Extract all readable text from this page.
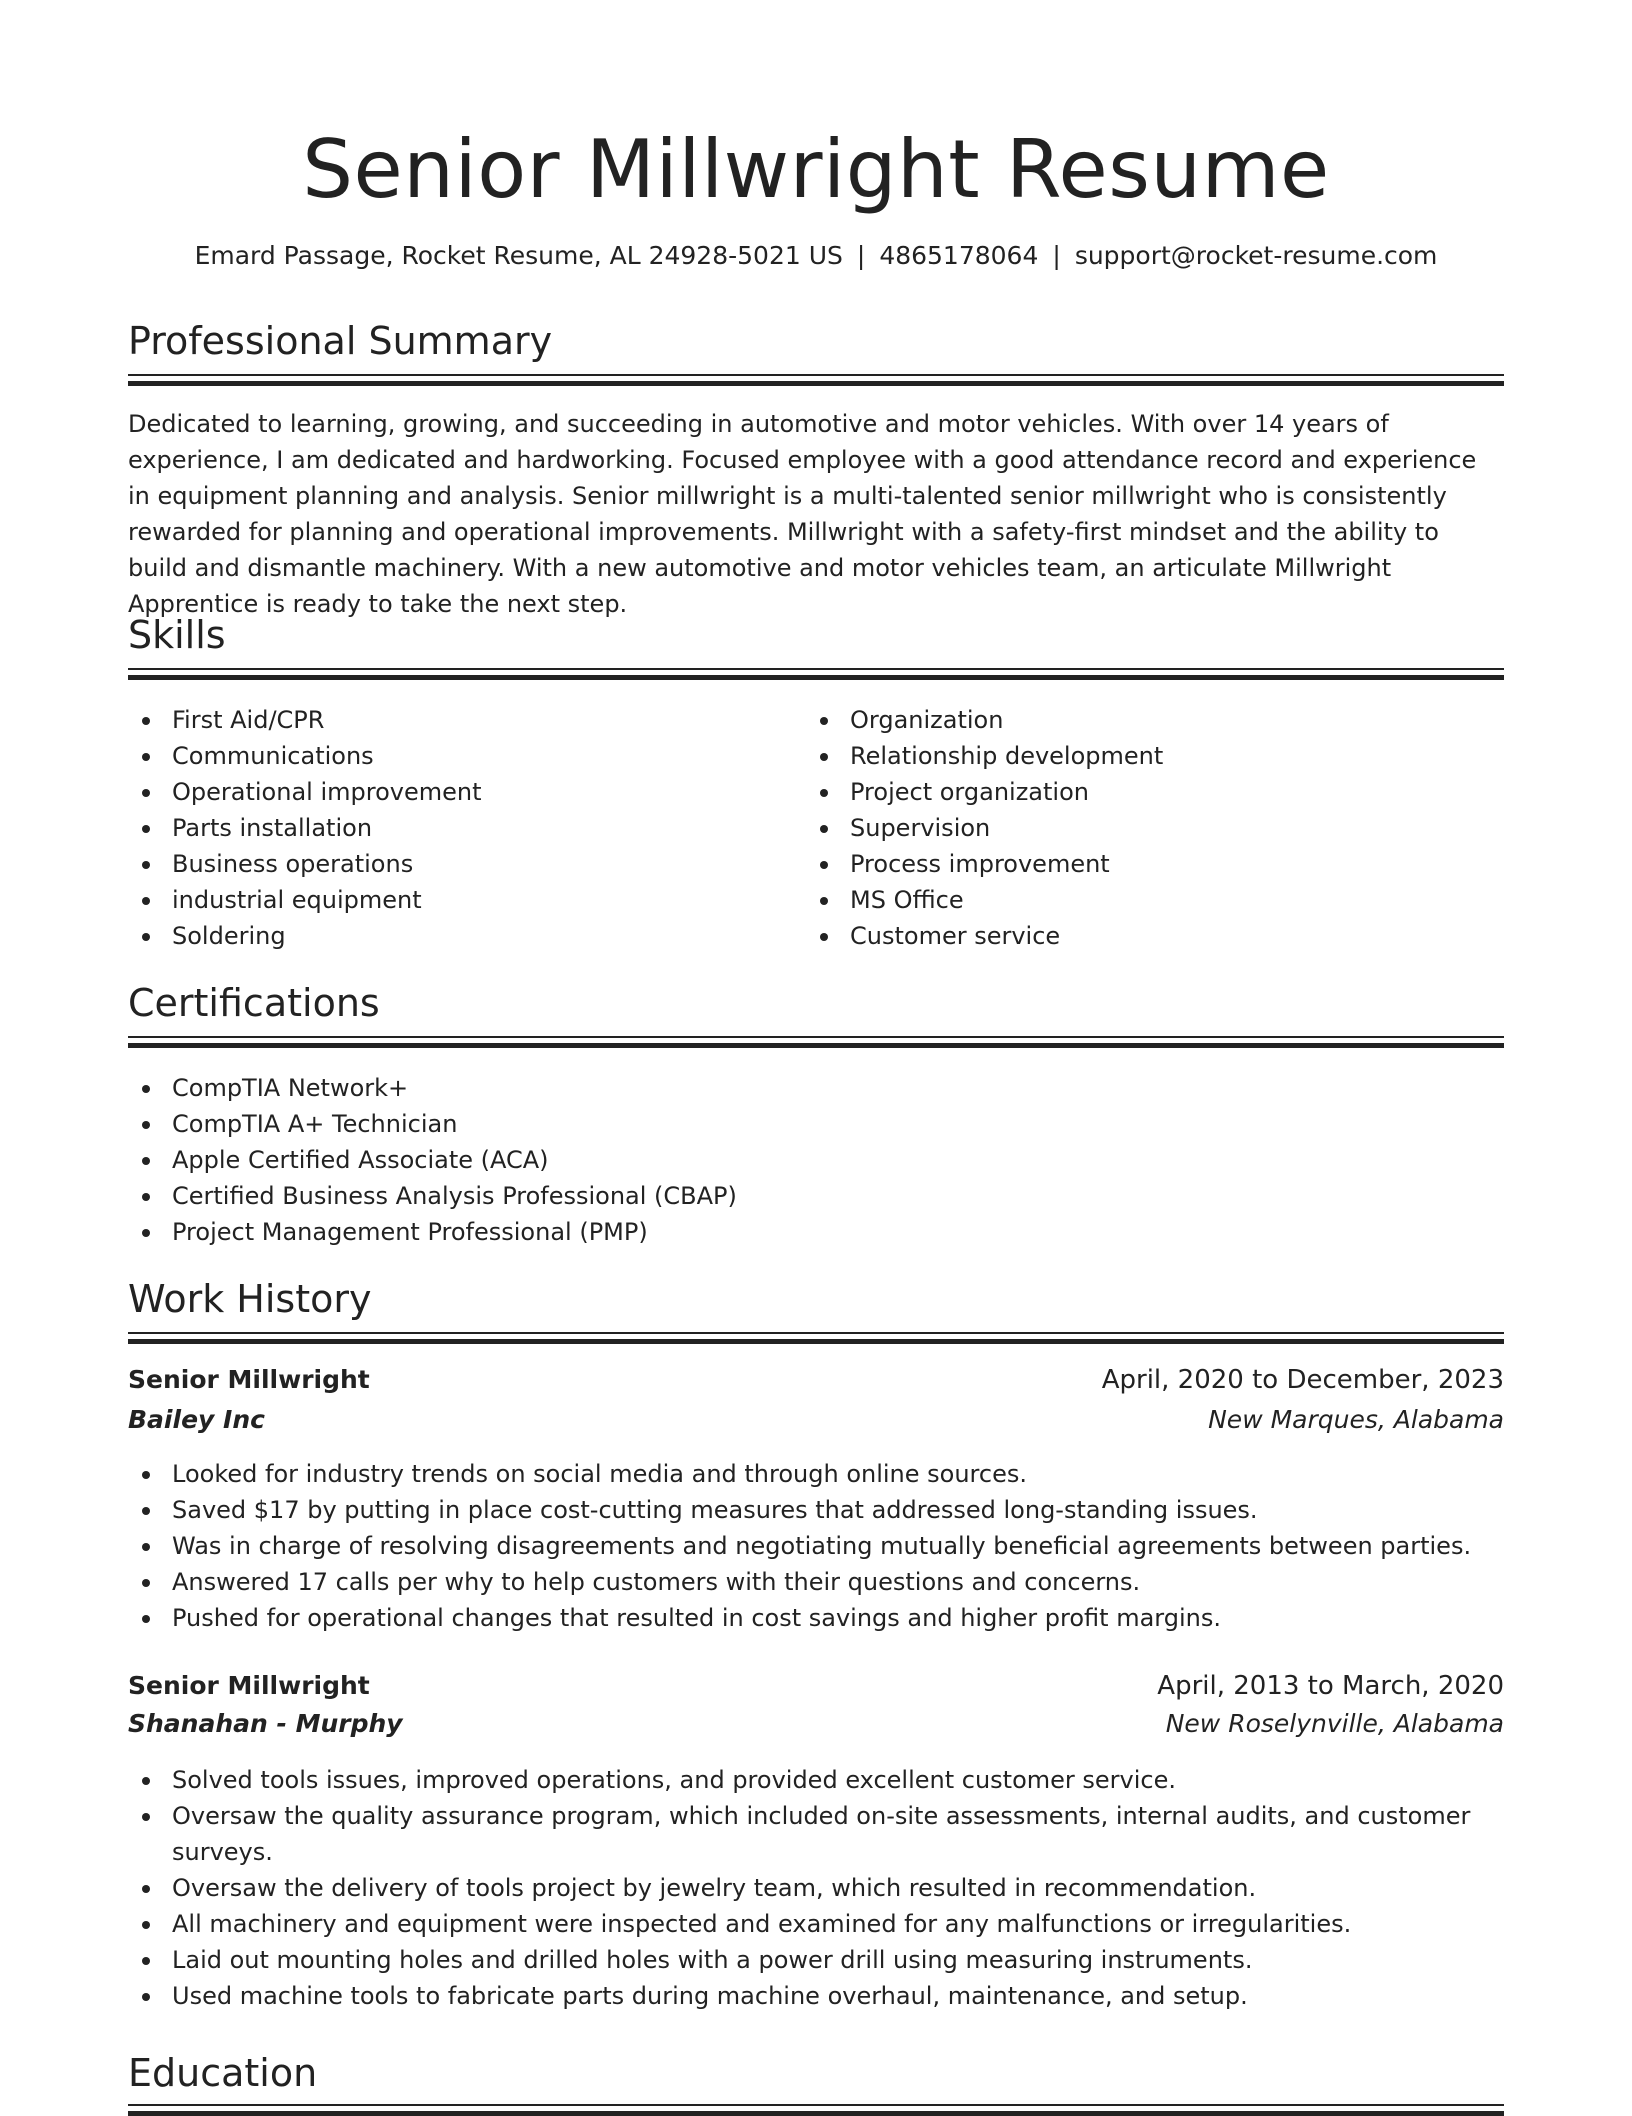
Senior Millwright Resume
Emard Passage, Rocket Resume, AL 24928-5021 US | 4865178064 | support@rocket-resume.com
Professional Summary

Dedicated to learning, growing, and succeeding in automotive and motor vehicles. With over 14 years of experience, I am dedicated and hardworking. Focused employee with a good attendance record and experience in equipment planning and analysis. Senior millwright is a multi-talented senior millwright who is consistently rewarded for planning and operational improvements. Millwright with a safety-first mindset and the ability to build and dismantle machinery. With a new automotive and motor vehicles team, an articulate Millwright Apprentice is ready to take the next step.

Skills
First Aid/CPR
Communications
Operational improvement
Parts installation
Business operations
industrial equipment
Soldering
Organization
Relationship development
Project organization
Supervision
Process improvement
MS Office
Customer service
Certifications
CompTIA Network+
CompTIA A+ Technician
Apple Certified Associate (ACA)
Certified Business Analysis Professional (CBAP)
Project Management Professional (PMP)
Work History
Senior Millwright	April, 2020 to December, 2023
Bailey Inc	New Marques, Alabama
Looked for industry trends on social media and through online sources.
Saved $17 by putting in place cost-cutting measures that addressed long-standing issues.
Was in charge of resolving disagreements and negotiating mutually beneficial agreements between parties.
Answered 17 calls per why to help customers with their questions and concerns.
Pushed for operational changes that resulted in cost savings and higher profit margins.
Senior Millwright	April, 2013 to March, 2020
Shanahan - Murphy	New Roselynville, Alabama
Solved tools issues, improved operations, and provided excellent customer service.
Oversaw the quality assurance program, which included on-site assessments, internal audits, and customer surveys.
Oversaw the delivery of tools project by jewelry team, which resulted in recommendation.
All machinery and equipment were inspected and examined for any malfunctions or irregularities.
Laid out mounting holes and drilled holes with a power drill using measuring instruments.
Used machine tools to fabricate parts during machine overhaul, maintenance, and setup.
Education
